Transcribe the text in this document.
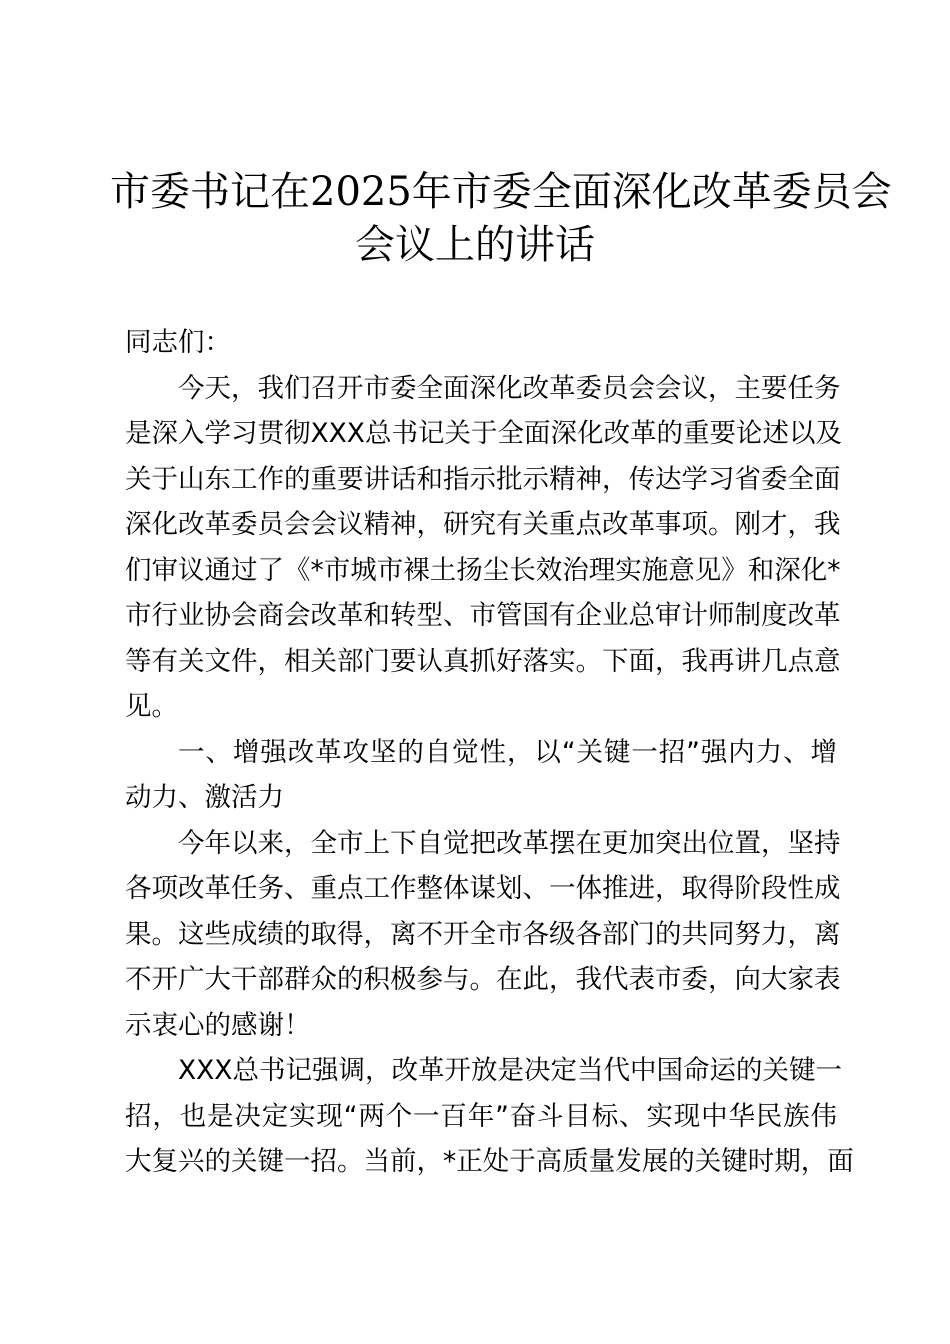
市委书记在2025年市委全面深化改革委员会
会议上的讲话

同志们：

今天，我们召开市委全面深化改革委员会会议，主要任务
是深入学习贯彻XXX总书记关于全面深化改革的重要论述以及
关于山东工作的重要讲话和指示批示精神，传达学习省委全面
深化改革委员会会议精神，研究有关重点改革事项。刚才，我
们审议通过了《*市城市裸土扬尘长效治理实施意见》和深化*
市行业协会商会改革和转型、市管国有企业总审计师制度改革
等有关文件，相关部门要认真抓好落实。下面，我再讲几点意
见。

一、增强改革攻坚的自觉性，以“关键一招”强内力、增
动力、激活力

今年以来，全市上下自觉把改革摆在更加突出位置，坚持
各项改革任务、重点工作整体谋划、一体推进，取得阶段性成
果。这些成绩的取得，离不开全市各级各部门的共同努力，离
不开广大干部群众的积极参与。在此，我代表市委，向大家表
示衷心的感谢！

XXX总书记强调，改革开放是决定当代中国命运的关键一
招，也是决定实现“两个一百年”奋斗目标、实现中华民族伟
大复兴的关键一招。当前，*正处于高质量发展的关键时期，面
